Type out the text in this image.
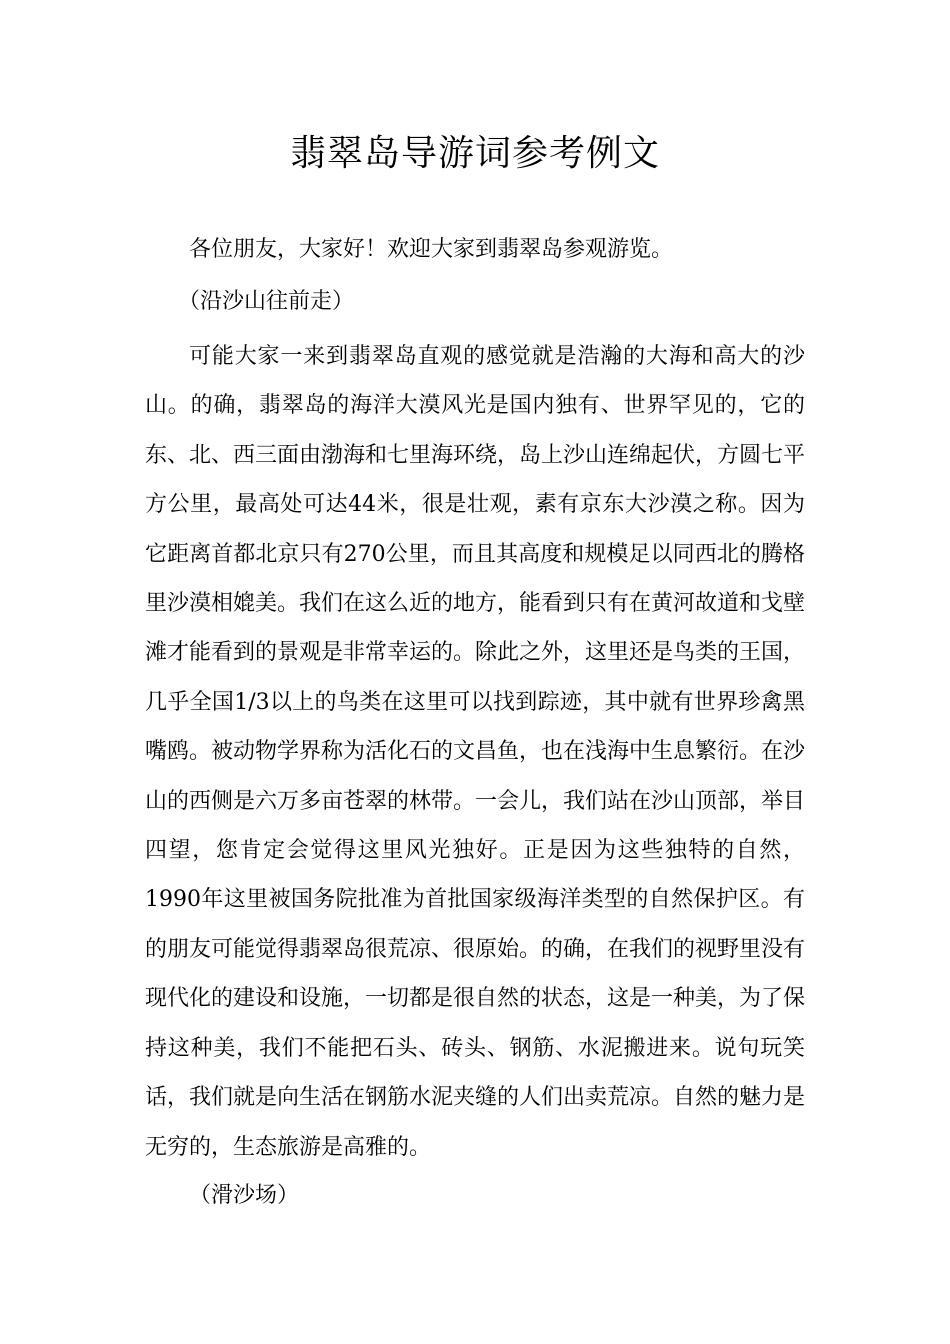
翡翠岛导游词参考例文
各位朋友，大家好！欢迎大家到翡翠岛参观游览。
（沿沙山往前走）
可能大家一来到翡翠岛直观的感觉就是浩瀚的大海和高大的沙山。的确，翡翠岛的海洋大漠风光是国内独有、世界罕见的，它的东、北、西三面由渤海和七里海环绕，岛上沙山连绵起伏，方圆七平方公里，最高处可达44米，很是壮观，素有京东大沙漠之称。因为它距离首都北京只有270公里，而且其高度和规模足以同西北的腾格里沙漠相媲美。我们在这么近的地方，能看到只有在黄河故道和戈壁滩才能看到的景观是非常幸运的。除此之外，这里还是鸟类的王国，几乎全国1/3以上的鸟类在这里可以找到踪迹，其中就有世界珍禽黑嘴鸥。被动物学界称为活化石的文昌鱼，也在浅海中生息繁衍。在沙山的西侧是六万多亩苍翠的林带。一会儿，我们站在沙山顶部，举目四望，您肯定会觉得这里风光独好。正是因为这些独特的自然，1990年这里被国务院批准为首批国家级海洋类型的自然保护区。有的朋友可能觉得翡翠岛很荒凉、很原始。的确，在我们的视野里没有现代化的建设和设施，一切都是很自然的状态，这是一种美，为了保持这种美，我们不能把石头、砖头、钢筋、水泥搬进来。说句玩笑话，我们就是向生活在钢筋水泥夹缝的人们出卖荒凉。自然的魅力是无穷的，生态旅游是高雅的。
（滑沙场）
